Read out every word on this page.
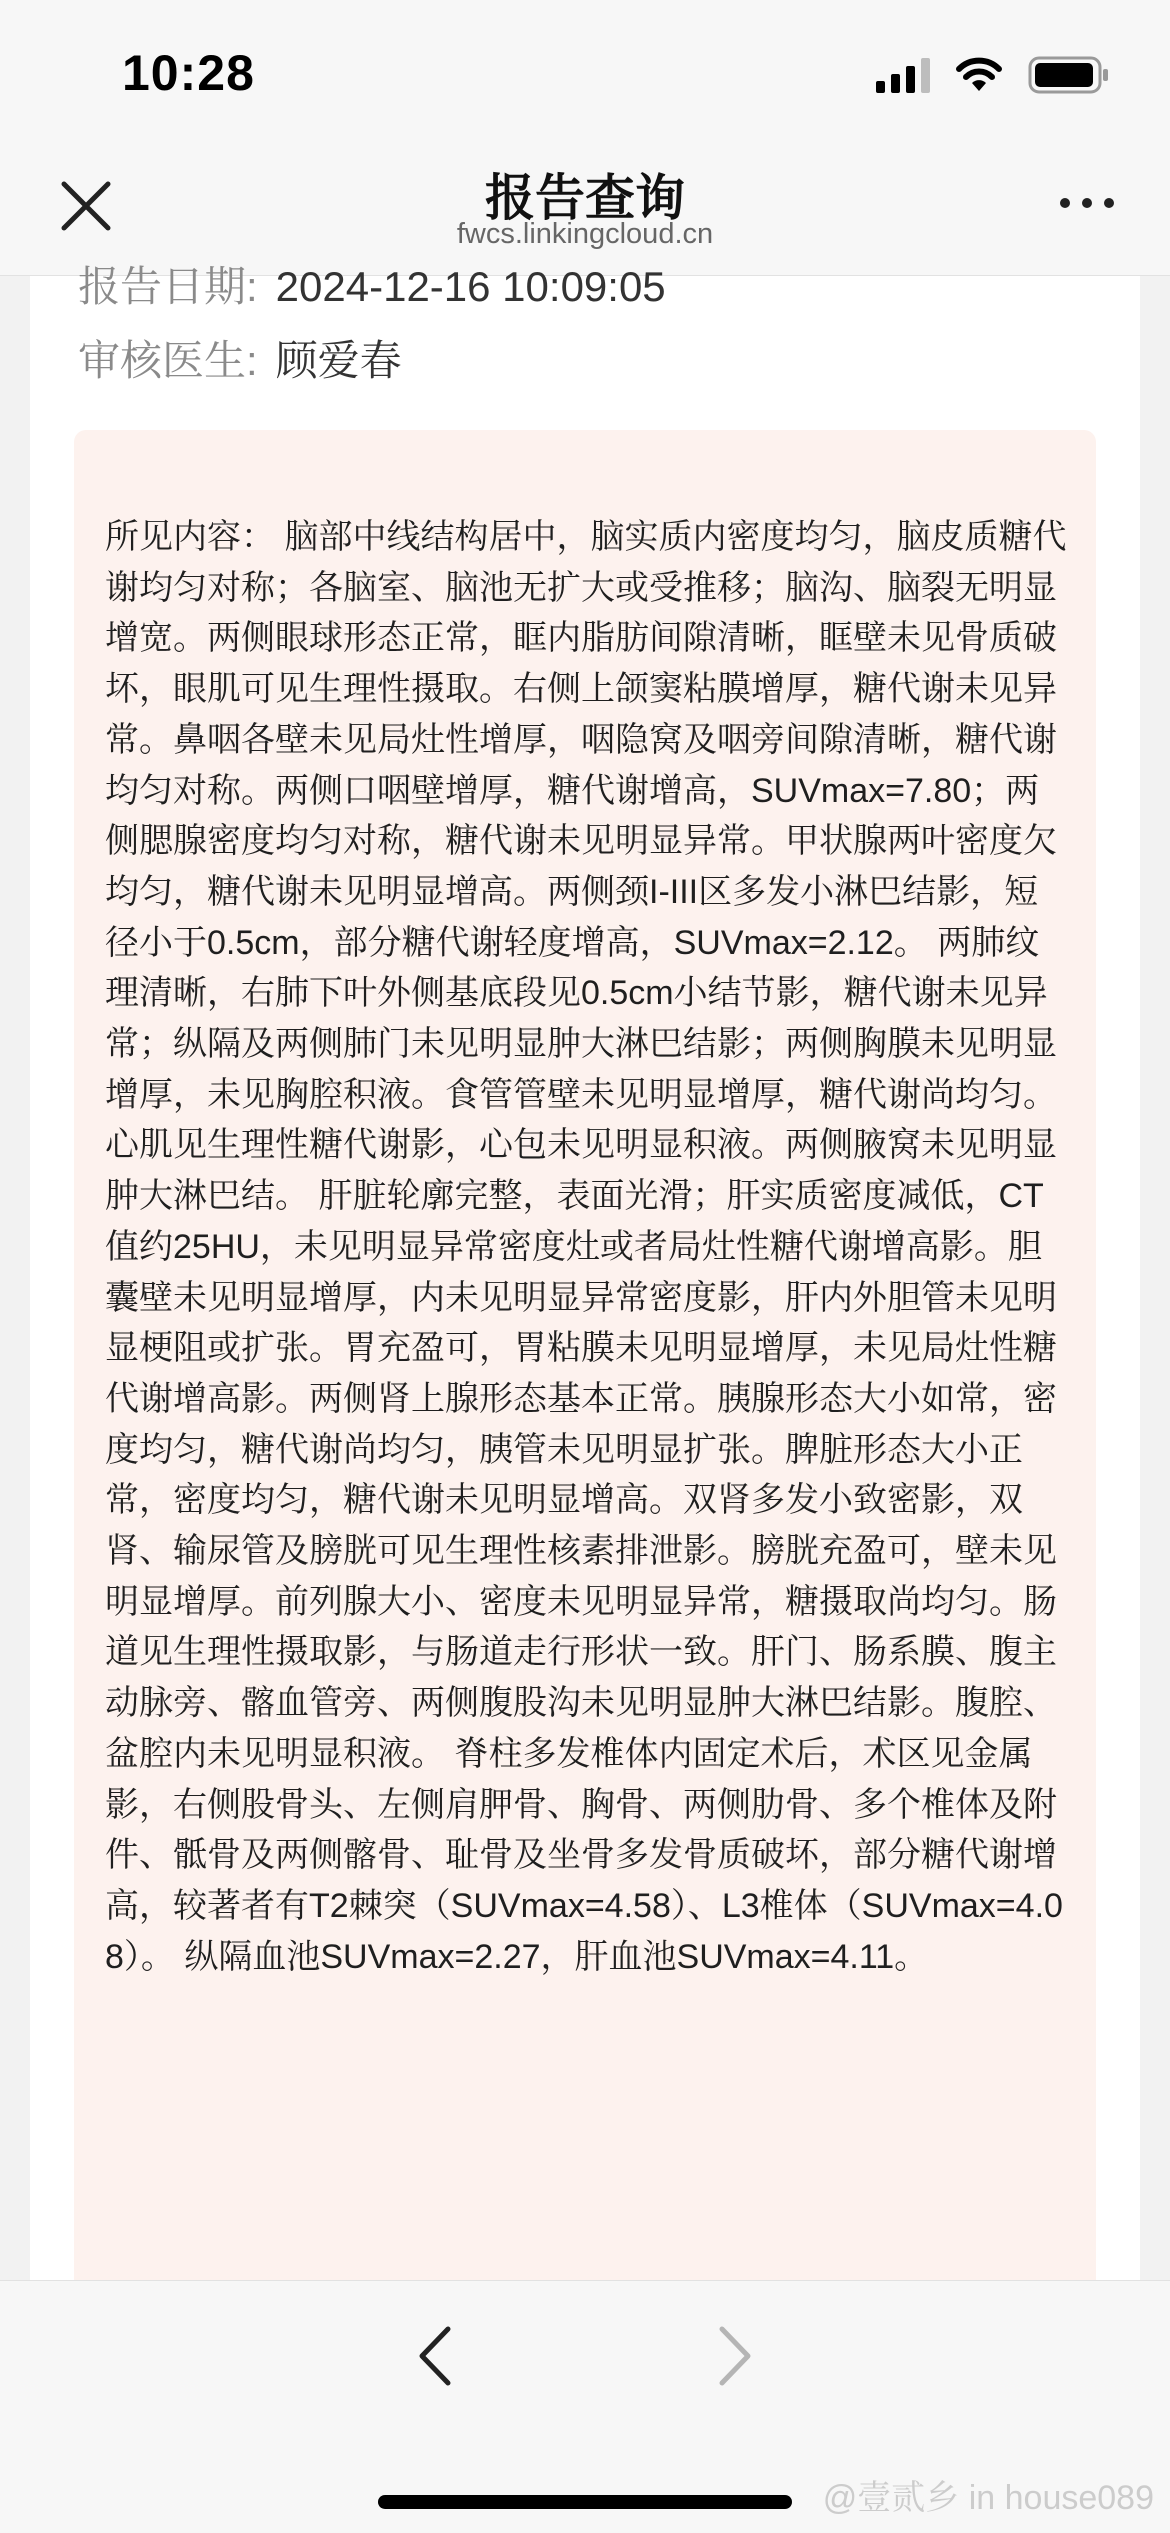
10:28
报告查询
fwcs.linkingcloud.cn
报告日期: 2024-12-16 10:09:05
审核医生: 顾爱春

所见内容： 脑部中线结构居中，脑实质内密度均匀，脑皮质糖代谢均匀对称；各脑室、脑池无扩大或受推移；脑沟、脑裂无明显增宽。两侧眼球形态正常，眶内脂肪间隙清晰，眶壁未见骨质破坏，眼肌可见生理性摄取。右侧上颌窦粘膜增厚，糖代谢未见异常。鼻咽各壁未见局灶性增厚，咽隐窝及咽旁间隙清晰，糖代谢均匀对称。两侧口咽壁增厚，糖代谢增高，SUVmax=7.80；两侧腮腺密度均匀对称，糖代谢未见明显异常。甲状腺两叶密度欠均匀，糖代谢未见明显增高。两侧颈I-III区多发小淋巴结影，短径小于0.5cm，部分糖代谢轻度增高，SUVmax=2.12。 两肺纹理清晰，右肺下叶外侧基底段见0.5cm小结节影，糖代谢未见异常；纵隔及两侧肺门未见明显肿大淋巴结影；两侧胸膜未见明显增厚，未见胸腔积液。食管管壁未见明显增厚，糖代谢尚均匀。心肌见生理性糖代谢影，心包未见明显积液。两侧腋窝未见明显肿大淋巴结。 肝脏轮廓完整，表面光滑；肝实质密度减低，CT值约25HU，未见明显异常密度灶或者局灶性糖代谢增高影。胆囊壁未见明显增厚，内未见明显异常密度影，肝内外胆管未见明显梗阻或扩张。胃充盈可，胃粘膜未见明显增厚，未见局灶性糖代谢增高影。两侧肾上腺形态基本正常。胰腺形态大小如常，密度均匀，糖代谢尚均匀，胰管未见明显扩张。脾脏形态大小正常，密度均匀，糖代谢未见明显增高。双肾多发小致密影，双肾、输尿管及膀胱可见生理性核素排泄影。膀胱充盈可，壁未见明显增厚。前列腺大小、密度未见明显异常，糖摄取尚均匀。肠道见生理性摄取影，与肠道走行形状一致。肝门、肠系膜、腹主动脉旁、髂血管旁、两侧腹股沟未见明显肿大淋巴结影。腹腔、盆腔内未见明显积液。 脊柱多发椎体内固定术后，术区见金属影，右侧股骨头、左侧肩胛骨、胸骨、两侧肋骨、多个椎体及附件、骶骨及两侧髂骨、耻骨及坐骨多发骨质破坏，部分糖代谢增高，较著者有T2棘突（SUVmax=4.58）、L3椎体（SUVmax=4.08）。 纵隔血池SUVmax=2.27，肝血池SUVmax=4.11。

@壹贰乡 in house089
